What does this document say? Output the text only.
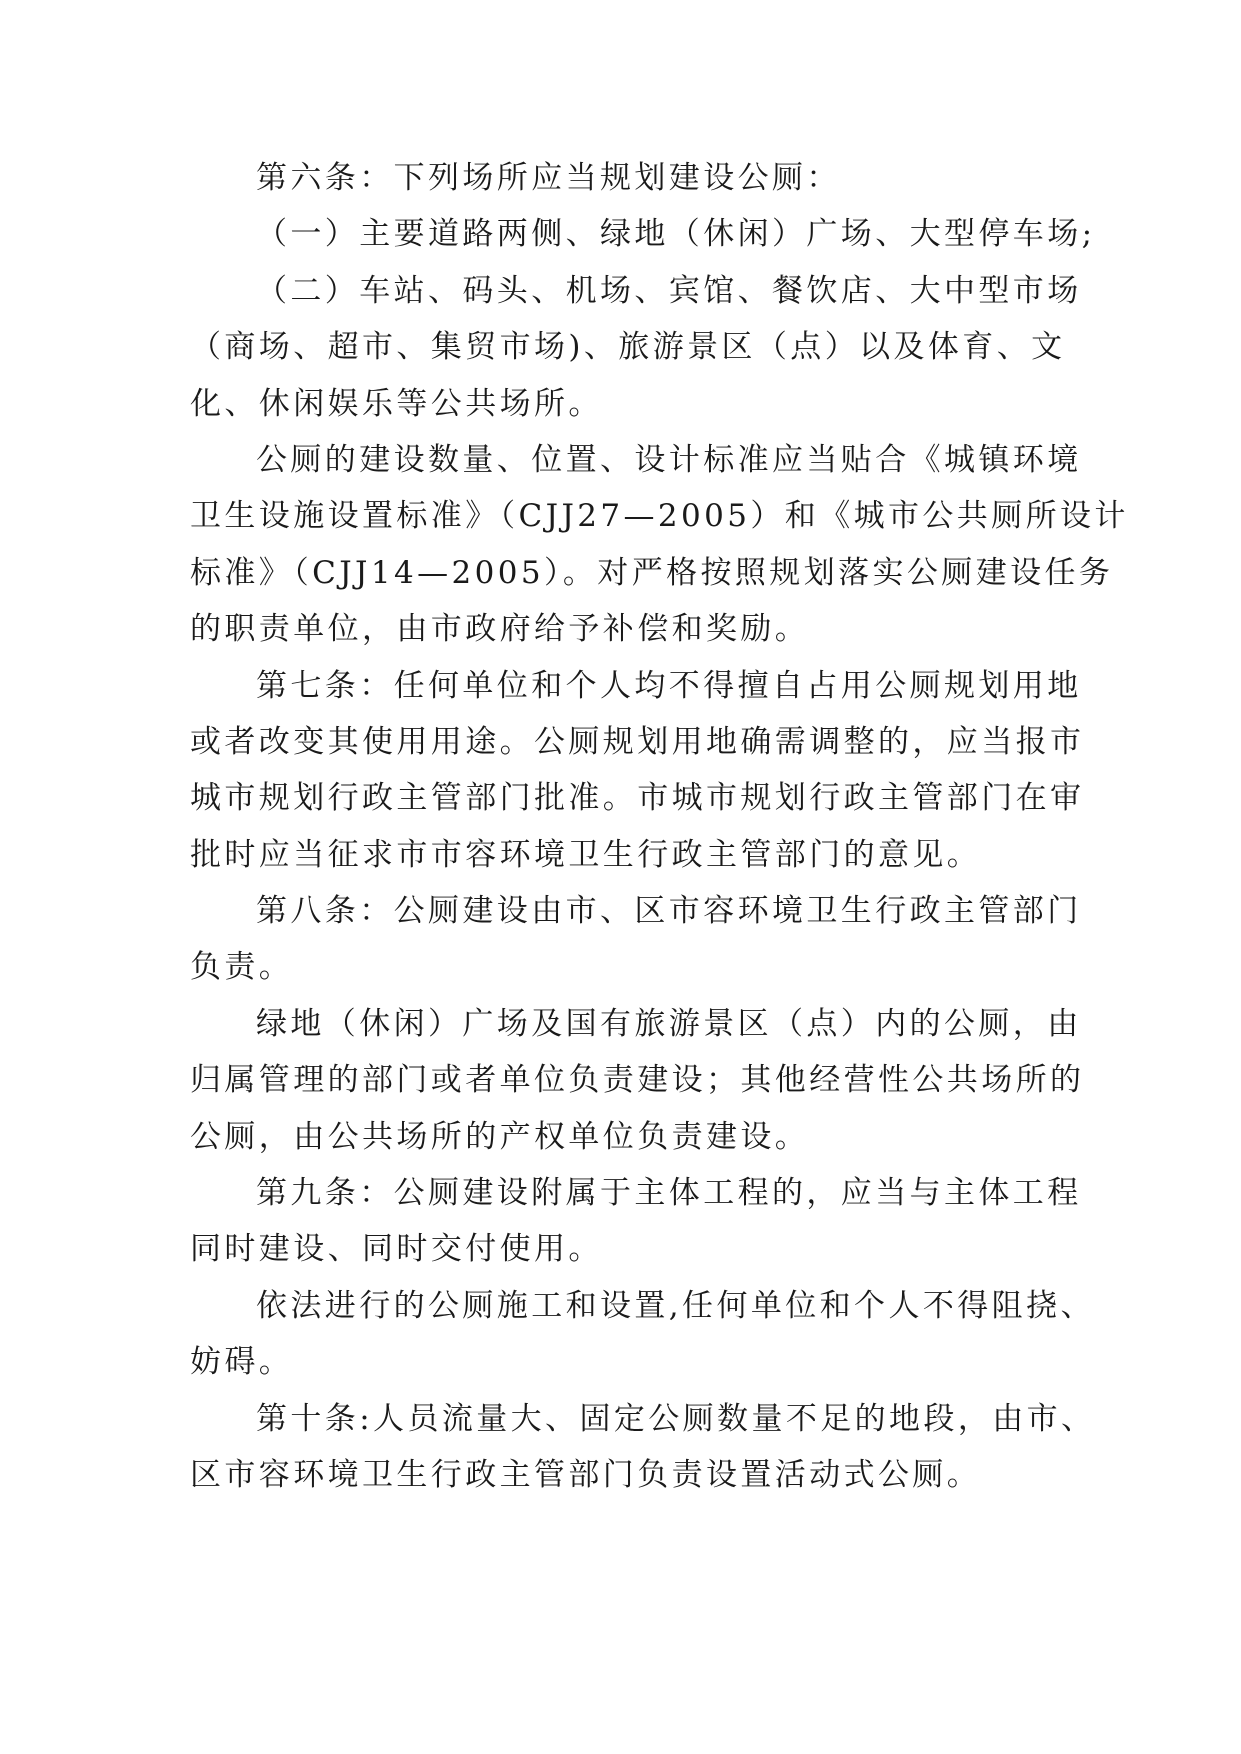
第六条：下列场所应当规划建设公厕：
（一）主要道路两侧、绿地（休闲）广场、大型停车场;
（二）车站、码头、机场、宾馆、餐饮店、大中型市场
（商场、超市、集贸市场)、旅游景区（点）以及体育、文
化、休闲娱乐等公共场所。
公厕的建设数量、位置、设计标准应当贴合《城镇环境
卫生设施设置标准》（CJJ27—2005）和《城市公共厕所设计
标准》（CJJ14—2005）。对严格按照规划落实公厕建设任务
的职责单位，由市政府给予补偿和奖励。
第七条：任何单位和个人均不得擅自占用公厕规划用地
或者改变其使用用途。公厕规划用地确需调整的，应当报市
城市规划行政主管部门批准。市城市规划行政主管部门在审
批时应当征求市市容环境卫生行政主管部门的意见。
第八条：公厕建设由市、区市容环境卫生行政主管部门
负责。
绿地（休闲）广场及国有旅游景区（点）内的公厕，由
归属管理的部门或者单位负责建设；其他经营性公共场所的
公厕，由公共场所的产权单位负责建设。
第九条：公厕建设附属于主体工程的，应当与主体工程
同时建设、同时交付使用。
依法进行的公厕施工和设置,任何单位和个人不得阻挠、
妨碍。
第十条:人员流量大、固定公厕数量不足的地段，由市、
区市容环境卫生行政主管部门负责设置活动式公厕。
